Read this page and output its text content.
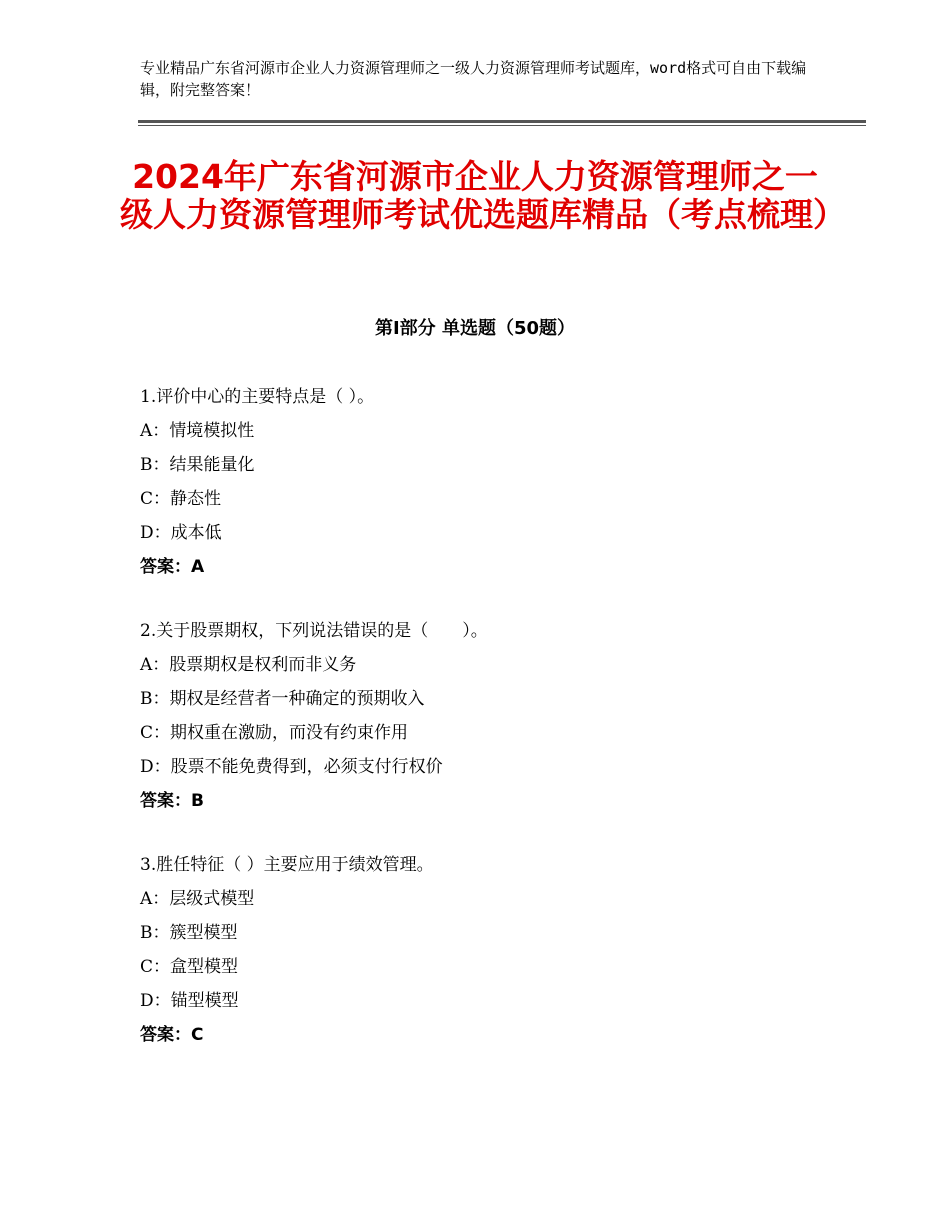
专业精品广东省河源市企业人力资源管理师之一级人力资源管理师考试题库，word格式可自由下载编辑，附完整答案！
2024年广东省河源市企业人力资源管理师之一级人力资源管理师考试优选题库精品（考点梳理）
第Ⅰ部分 单选题（50题）
1.评价中心的主要特点是（ ）。
A：情境模拟性
B：结果能量化
C：静态性
D：成本低
答案：A
2.关于股票期权，下列说法错误的是（　　）。
A：股票期权是权利而非义务
B：期权是经营者一种确定的预期收入
C：期权重在激励，而没有约束作用
D：股票不能免费得到，必须支付行权价
答案：B
3.胜任特征（ ）主要应用于绩效管理。
A：层级式模型
B：簇型模型
C：盒型模型
D：锚型模型
答案：C
